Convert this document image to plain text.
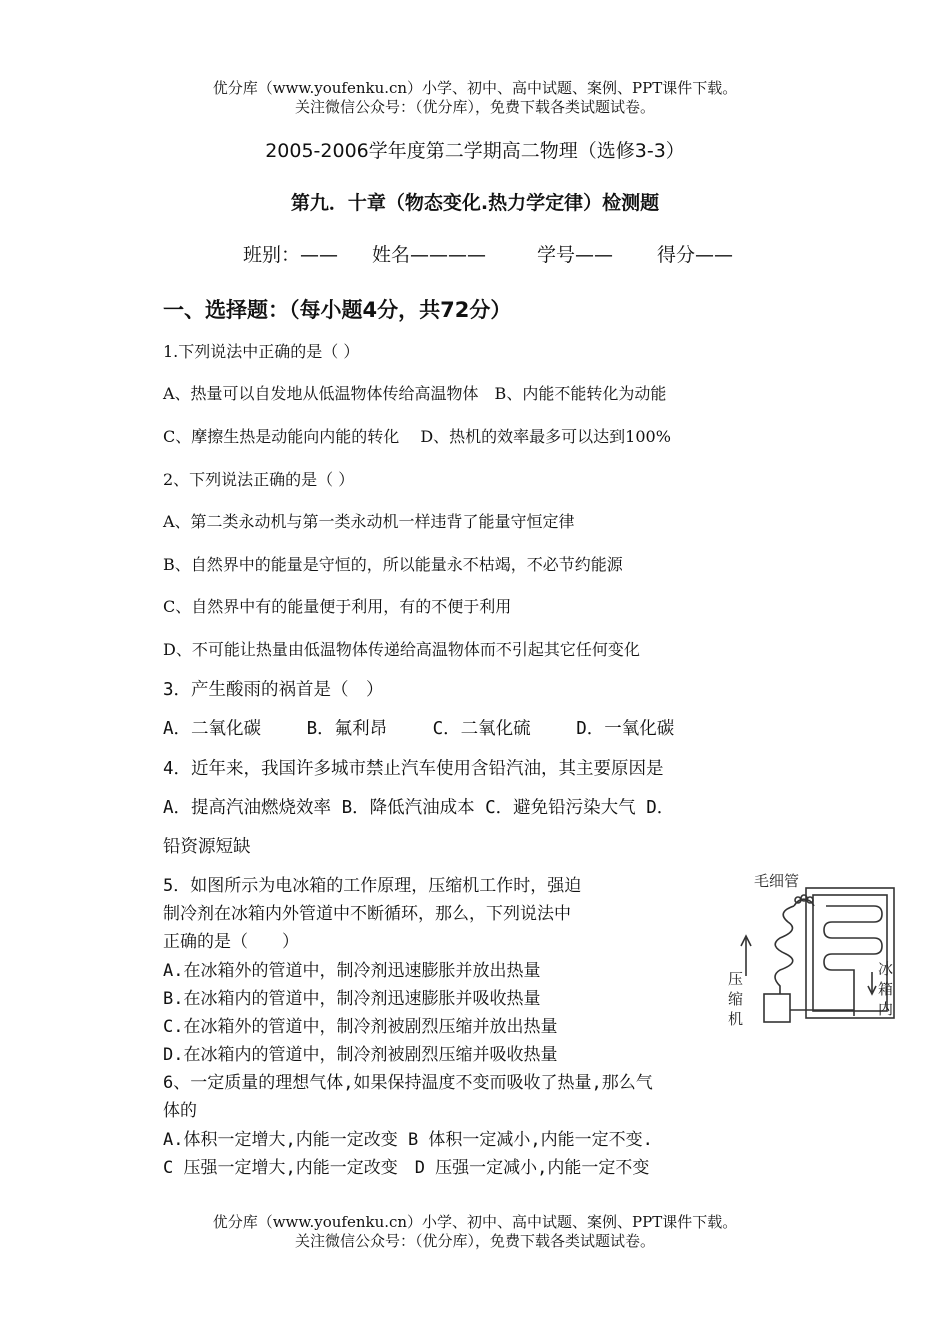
优分库（www.youfenku.cn）小学、初中、高中试题、案例、PPT课件下载。
关注微信公众号：（优分库），免费下载各类试题试卷。
2005-2006学年度第二学期高二物理（选修3-3）
第九．十章（物态变化.热力学定律）检测题
班别：—— 姓名————	学号—— 得分——
一、选择题：（每小题4分，共72分）
1.下列说法中正确的是（ ）
A、热量可以自发地从低温物体传给高温物体　B、内能不能转化为动能
C、摩擦生热是动能向内能的转化　 D、热机的效率最多可以达到100%
2、下列说法正确的是（ ）
A、第二类永动机与第一类永动机一样违背了能量守恒定律
B、自然界中的能量是守恒的，所以能量永不枯竭，不必节约能源
C、自然界中有的能量便于利用，有的不便于利用
D、不可能让热量由低温物体传递给高温物体而不引起其它任何变化
3．产生酸雨的祸首是（　）
A．二氧化碳　　 B．氟利昂　　 C．二氧化硫　　 D．一氧化碳
4．近年来，我国许多城市禁止汽车使用含铅汽油，其主要原因是
A．提高汽油燃烧效率 B．降低汽油成本 C．避免铅污染大气 D．
铅资源短缺
5．如图所示为电冰箱的工作原理，压缩机工作时，强迫
制冷剂在冰箱内外管道中不断循环，那么，下列说法中
正确的是（　　）
A.在冰箱外的管道中，制冷剂迅速膨胀并放出热量
B.在冰箱内的管道中，制冷剂迅速膨胀并吸收热量
C.在冰箱外的管道中，制冷剂被剧烈压缩并放出热量
D.在冰箱内的管道中，制冷剂被剧烈压缩并吸收热量
毛细管
压缩机
冰箱内
6、一定质量的理想气体,如果保持温度不变而吸收了热量,那么气
体的
A.体积一定增大,内能一定改变 B 体积一定减小,内能一定不变.
C 压强一定增大,内能一定改变　D 压强一定减小,内能一定不变
优分库（www.youfenku.cn）小学、初中、高中试题、案例、PPT课件下载。
关注微信公众号：（优分库），免费下载各类试题试卷。
